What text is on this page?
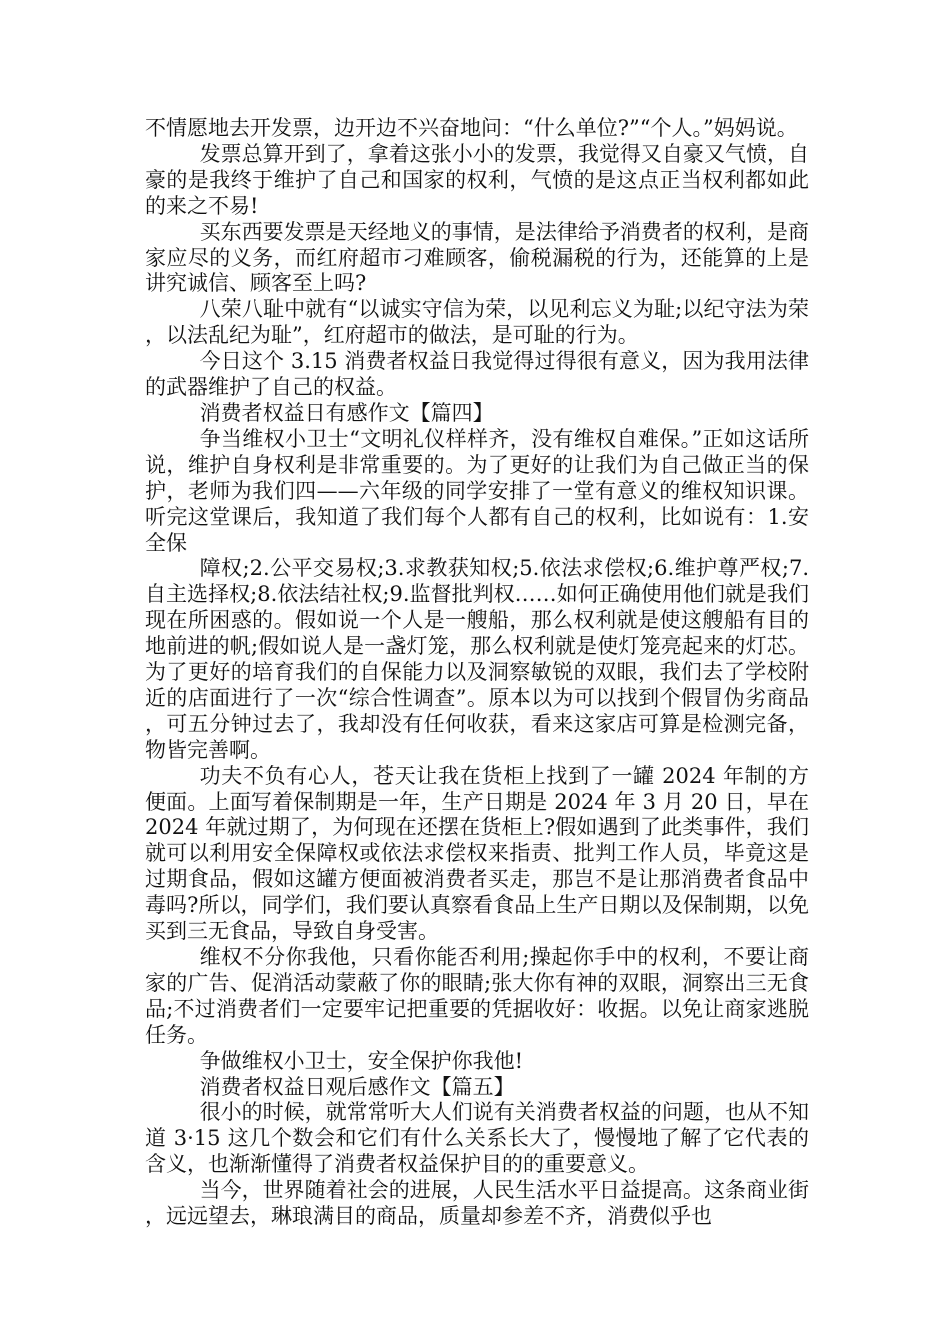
不情愿地去开发票，边开边不兴奋地问：“什么单位?”“个人。”妈妈说。

发票总算开到了，拿着这张小小的发票，我觉得又自豪又气愤，自豪的是我终于维护了自己和国家的权利，气愤的是这点正当权利都如此的来之不易!

买东西要发票是天经地义的事情，是法律给予消费者的权利，是商家应尽的义务，而红府超市刁难顾客，偷税漏税的行为，还能算的上是讲究诚信、顾客至上吗?

八荣八耻中就有“以诚实守信为荣，以见利忘义为耻;以纪守法为荣，以法乱纪为耻”，红府超市的做法，是可耻的行为。

今日这个 3.15 消费者权益日我觉得过得很有意义，因为我用法律的武器维护了自己的权益。

消费者权益日有感作文【篇四】

争当维权小卫士“文明礼仪样样齐，没有维权自难保。”正如这话所说，维护自身权利是非常重要的。为了更好的让我们为自己做正当的保护，老师为我们四——六年级的同学安排了一堂有意义的维权知识课。听完这堂课后，我知道了我们每个人都有自己的权利，比如说有：1.安全保

障权;2.公平交易权;3.求教获知权;5.依法求偿权;6.维护尊严权;7.自主选择权;8.依法结社权;9.监督批判权……如何正确使用他们就是我们现在所困惑的。假如说一个人是一艘船，那么权利就是使这艘船有目的地前进的帆;假如说人是一盏灯笼，那么权利就是使灯笼亮起来的灯芯。为了更好的培育我们的自保能力以及洞察敏锐的双眼，我们去了学校附近的店面进行了一次“综合性调查”。原本以为可以找到个假冒伪劣商品，可五分钟过去了，我却没有任何收获，看来这家店可算是检测完备，物皆完善啊。

功夫不负有心人，苍天让我在货柜上找到了一罐 2024 年制的方便面。上面写着保制期是一年，生产日期是 2024 年 3 月 20 日，早在 2024 年就过期了，为何现在还摆在货柜上?假如遇到了此类事件，我们就可以利用安全保障权或依法求偿权来指责、批判工作人员，毕竟这是过期食品，假如这罐方便面被消费者买走，那岂不是让那消费者食品中毒吗?所以，同学们，我们要认真察看食品上生产日期以及保制期，以免买到三无食品，导致自身受害。

维权不分你我他，只看你能否利用;操起你手中的权利，不要让商家的广告、促消活动蒙蔽了你的眼睛;张大你有神的双眼，洞察出三无食品;不过消费者们一定要牢记把重要的凭据收好：收据。以免让商家逃脱任务。

争做维权小卫士，安全保护你我他!

消费者权益日观后感作文【篇五】

很小的时候，就常常听大人们说有关消费者权益的问题，也从不知道 3·15 这几个数会和它们有什么关系长大了，慢慢地了解了它代表的含义，也渐渐懂得了消费者权益保护目的的重要意义。

当今，世界随着社会的进展，人民生活水平日益提高。这条商业街，远远望去，琳琅满目的商品，质量却参差不齐，消费似乎也
